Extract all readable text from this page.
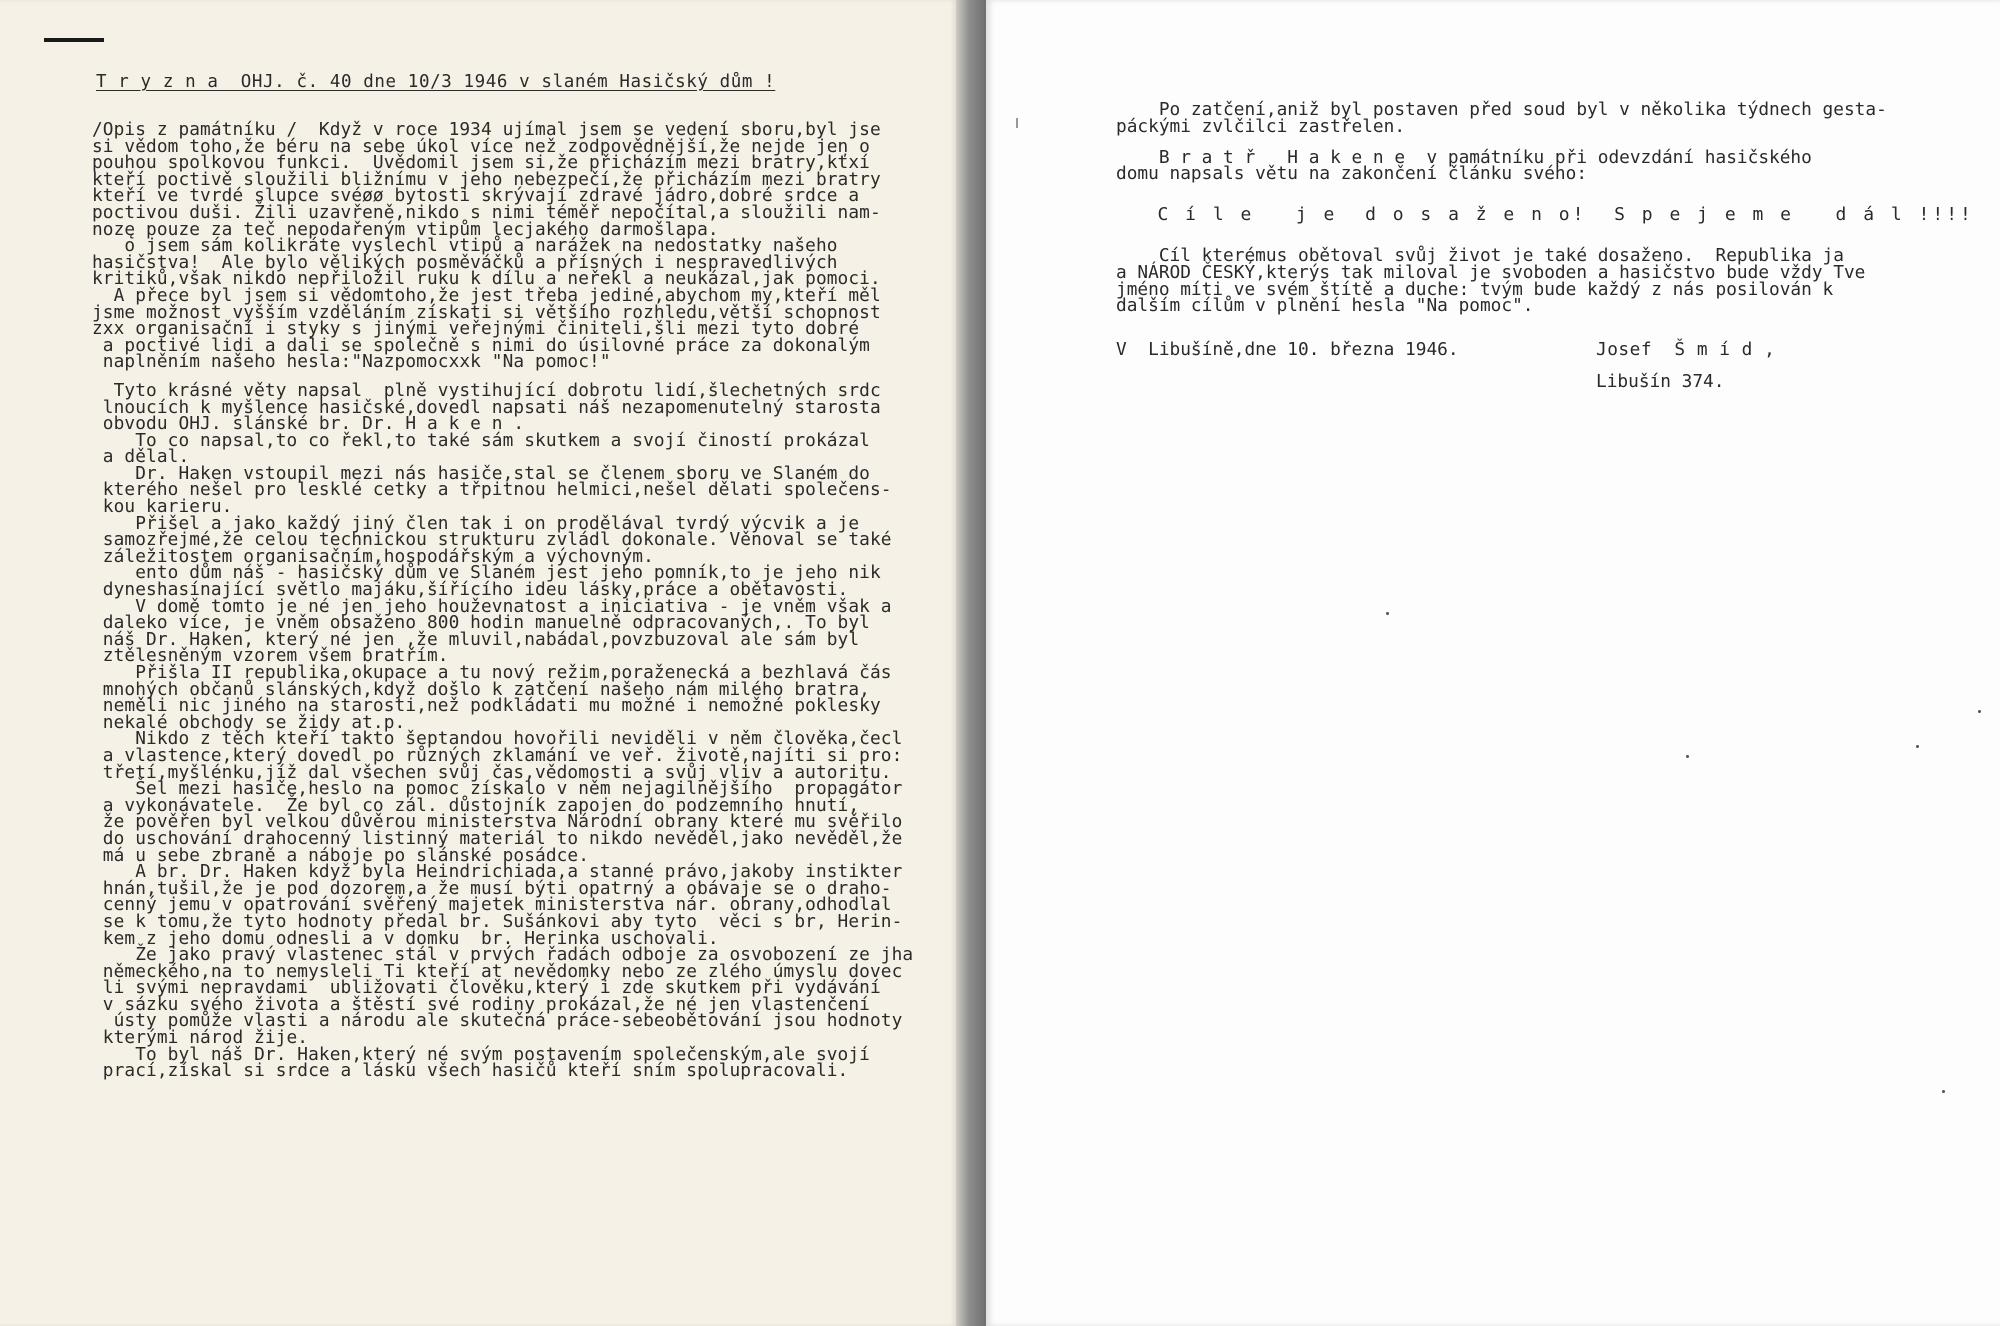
T r y z n a  OHJ. č. 40 dne 10/3 1946 v slaném Hasičský dům !
/Opis z památníku /  Když v roce 1934 ujímal jsem se vedení sboru,byl jse
si vědom toho,že béru na sebe úkol více než zodpovědnější,že nejde jen o
pouhou spolkovou funkci.  Uvědomil jsem si,že přicházím mezi bratry,kťxí
kteří poctivě sloužili bližnímu v jeho nebezpečí,že přicházím mezi bratry
kteří ve tvrdé slupce svéøø bytosti skrývají zdravé jádro,dobré srdce a
poctivou duši. Žili uzavřeně,nikdo s nimi téměř nepočítal,a sloužili nam-
nozę pouze za teč nepodařeným vtipům lecjakého darmošlapa.
o jsem sám kolikráte vyslechl vtipů a narážek na nedostatky našeho
hasičstva!  Ale bylo vělikých posměváčků a přísných i nespravedlivých
kritiků,však nikdo nepřiložil ruku k dílu a neřekl a neukázal,jak pomoci.
A přece byl jsem si vědomtoho,že jest třeba jediné,abychom my,kteří měl
jsme možnost vyšším vzděláním získati si většího rozhledu,větší schopnost
zxx organisační i styky s jinými veřejnými činiteli,šli mezi tyto dobré
a poctivé lidi a dali se společně s nimi do úsilovné práce za dokonalým
naplněním našeho hesla:"Nazpomocxxk "Na pomoc!"
Tyto krásné věty napsal  plně vystihující dobrotu lidí,šlechetných srdc
lnoucích k myšlence hasičské,dovedl napsati náš nezapomenutelný starosta
obvodu OHJ. slánské br. Dr. H a k e n .
To co napsal,to co řekl,to také sám skutkem a svojí čiností prokázal
a dělal.
Dr. Haken vstoupil mezi nás hasiče,stal se členem sboru ve Slaném do
kterého nešel pro lesklé cetky a třpitnou helmici,nešel dělati společens-
kou karieru.
Přišel a jako každý jiný člen tak i on prodělával tvrdý výcvik a je
samozřejmé,že celou technickou strukturu zvládl dokonale. Věnoval se také
záležitostem organisačním,hospodářským a výchovným.
ento dům náš - hasičský dům ve Slaném jest jeho pomník,to je jeho nik
dyneshasínající světlo majáku,šířícího ideu lásky,práce a obětavosti.
V domě tomto je né jen jeho houževnatost a iniciativa - je vněm však a
daleko více, je vněm obsaženo 800 hodin manuelně odpracovaných,. To byl
náš Dr. Haken, který né jen ,že mluvil,nabádal,povzbuzoval ale sám byl
ztělesněným vzorem všem bratřím.
Přišla II republika,okupace a tu nový režim,poraženecká a bezhlavá čás
mnohých občanů slánských,když došlo k zatčení našeho nám milého bratra,
neměli nic jiného na starosti,než podkládati mu možné i nemožné poklesky
nekalé obchody se židy at.p.
Nikdo z těch kteří takto šeptandou hovořili neviděli v něm člověka,čecl
a vlastence,který dovedl po různých zklamání ve veř. životě,najíti si pro:
třetí,myšlénku,jíž dal všechen svůj čas,vědomosti a svůj vliv a autoritu.
Šel mezi hasiče,heslo na pomoc získalo v něm nejagilnějšího  propagátor
a vykonávatele.  Že byl co zál. důstojník zapojen do podzemního hnutí,
že pověřen byl velkou důvěrou ministerstva Národní obrany které mu svěřilo
do uschování drahocenný listinný materiál to nikdo nevěděl,jako nevěděl,že
má u sebe zbraně a náboje po slánské posádce.
A br. Dr. Haken když byla Heindrichiada,a stanné právo,jakoby instikter
hnán,tušil,že je pod dozorem,a že musí býti opatrný a obávaje se o draho-
cenný jemu v opatrování svěřený majetek ministerstva nár. obrany,odhodlal
se k tomu,že tyto hodnoty předal br. Sušánkovi aby tyto  věci s br, Herin-
kem z jeho domu odnesli a v domku  br. Herinka uschovali.
Že jako pravý vlastenec stál v prvých řadách odboje za osvobození ze jha
německého,na to nemysleli Ti kteří at nevědomky nebo ze zlého úmyslu dovec
li svými nepravdami  ubližovati člověku,který i zde skutkem při vydávání
v sázku svého života a štěstí své rodiny prokázal,že né jen vlastenčení
ústy pomůže vlasti a národu ale skutečná práce-sebeobětování jsou hodnoty
kterými národ žije.
To byl náš Dr. Haken,který né svým postavením společenským,ale svojí
prací,získal si srdce a lásku všech hasičů kteří sním spolupracovali.
Po zatčení,aniž byl postaven před soud byl v několika týdnech gesta-
páckými zvlčilci zastřelen.
B r a t ř   H a k e n e  v památníku při odevzdání hasičského
domu napsals větu na zakončení článku svého:
C í l e   j e  d o s a ž e n o!  S p e j e m e   d á l !!!!
Cíl kterémus obětoval svůj život je také dosaženo.  Republika ja
a NÁROD ČESKÝ,kterýs tak miloval je svoboden a hasičstvo bude vždy Tve
jméno míti ve svém štítě a duche: tvým bude každý z nás posilován k
dalším cílům v plnění hesla "Na pomoc".
V  Libušíně,dne 10. března 1946.	Josef  Š m í d ,
Libušín 374.
